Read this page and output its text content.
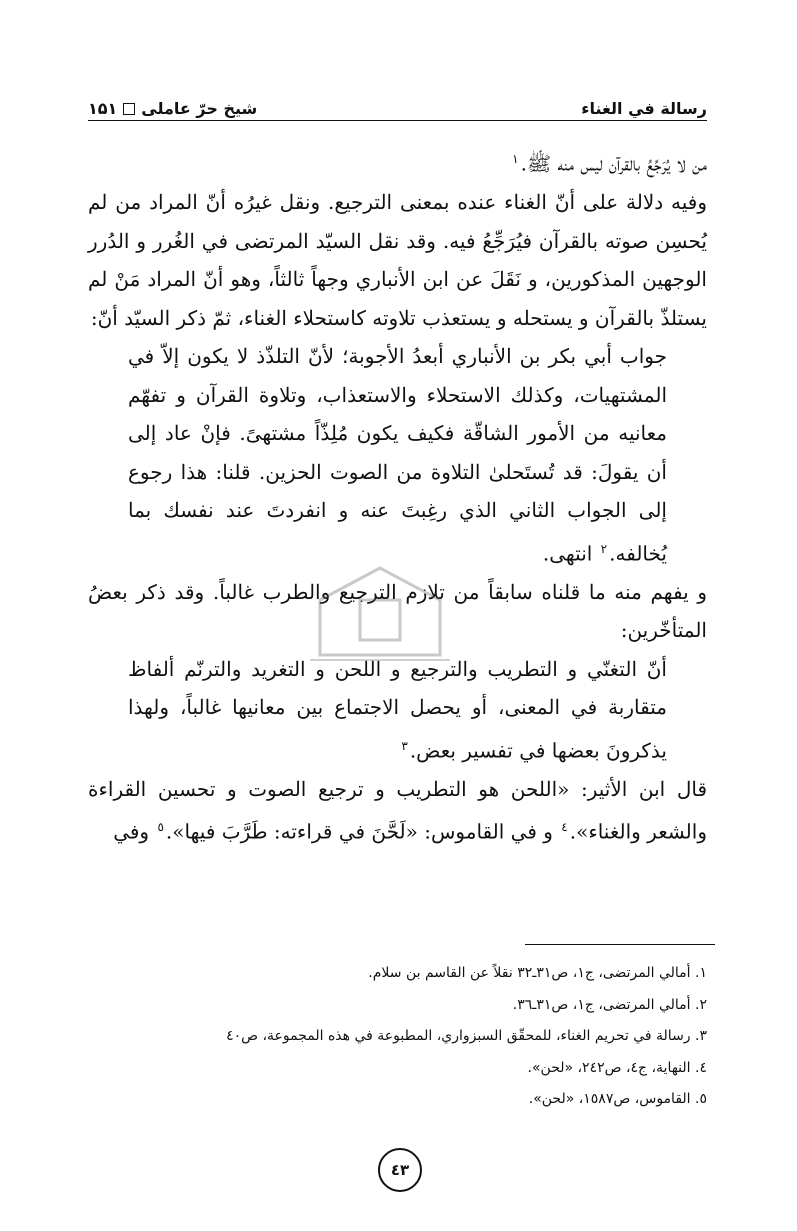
شیخ حرّ عاملی
۱۵۱	رسالة في الغناء

من لا يُرَجِّعُ بالقرآن ليس منه ﷺ.$^١$

وفيه دلالة على أنّ الغناء عنده بمعنى الترجيع. ونقل غيرُه أنّ المراد من لم يُحسِن صوته بالقرآن فيُرَجِّعُ فيه. وقد نقل السيّد المرتضى في الغُرر و الدُرر الوجهين المذكورين، و نَقَلَ عن ابن الأنباري وجهاً ثالثاً، وهو أنّ المراد مَنْ لم يستلذّ بالقرآن و يستحله و يستعذب تلاوته كاستحلاء الغناء، ثمّ ذكر السيّد أنّ:

جواب أبي بكر بن الأنباري أبعدُ الأجوبة؛ لأنّ التلذّذ لا يكون إلاّ في المشتهيات، وكذلك الاستحلاء والاستعذاب، وتلاوة القرآن و تفهّم معانيه من الأمور الشاقّة فكيف يكون مُلِذّاً مشتهىً. فإنْ عاد إلى أن يقولَ: قد تُستَحلىٰ التلاوة من الصوت الحزين. قلنا: هذا رجوع إلى الجواب الثاني الذي رغِبتَ عنه و انفردتَ عند نفسك بما يُخالفه.$^٢$ انتهى.

و يفهم منه ما قلناه سابقاً من تلازم الترجيع والطرب غالباً. وقد ذكر بعضُ المتأخّرين:

أنّ التغنّي و التطريب والترجيع و اللحن و التغريد والترنّم ألفاظ متقاربة في المعنى، أو يحصل الاجتماع بين معانيها غالباً، ولهذا يذكرونَ بعضها في تفسير بعض.$^٣$

قال ابن الأثير: «اللحن هو التطريب و ترجيع الصوت و تحسين القراءة والشعر والغناء».$^٤$ و في القاموس: «لَحَّنَ في قراءته: طَرَّبَ فيها».$^٥$ وفي

١. أمالي المرتضى، ج١، ص٣١ـ٣٢ نقلاً عن القاسم بن سلام.
٢. أمالي المرتضى، ج١، ص٣١ـ٣٦.
٣. رسالة في تحريم الغناء، للمحقّق السبزواري، المطبوعة في هذه المجموعة، ص٤٠
٤. النهاية، ج٤، ص٢٤٢، «لحن».
٥. القاموس، ص١٥٨٧، «لحن».
٤٣
